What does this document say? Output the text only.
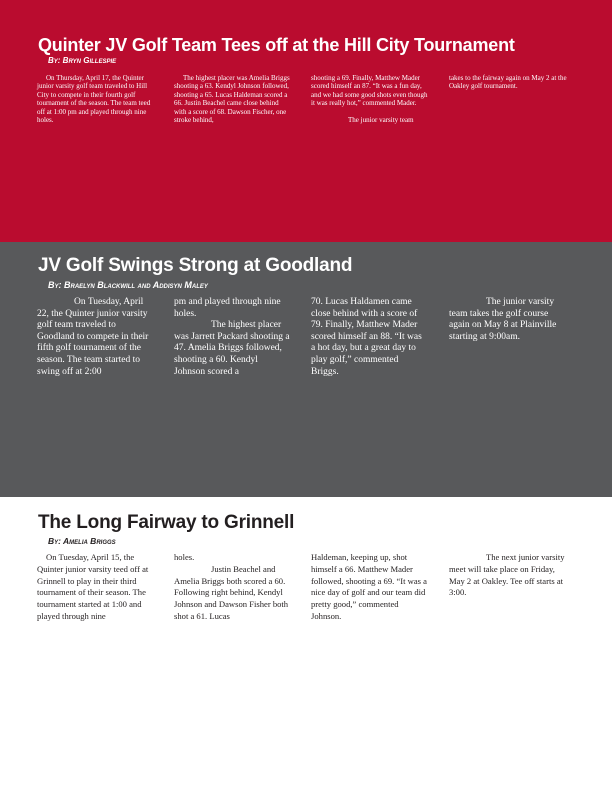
Quinter JV Golf Team Tees off at the Hill City Tournament

By: Bryn Gillespie

On Thursday, April 17, the Quinter junior varsity golf team traveled to Hill City to compete in their fourth golf tournament of the season. The team teed off at 1:00 pm and played through nine holes.

The highest placer was Amelia Briggs shooting a 63. Kendyl Johnson followed, shooting a 65. Lucas Haldeman scored a 66. Justin Beachel came close behind with a score of 68. Dawson Fischer, one stroke behind,

shooting a 69. Finally, Matthew Mader scored himself an 87. “It was a fun day, and we had some good shots even though it was really hot,” commented Mader.

The junior varsity team

takes to the fairway again on May 2 at the Oakley golf tournament.

JV Golf Swings Strong at Goodland

By: Braelyn Blackwill and Addisyn Maley

On Tuesday, April 22, the Quinter junior varsity golf team traveled to Goodland to compete in their fifth golf tournament of the season. The team started to swing off at 2:00

pm and played through nine holes.
The highest placer was Jarrett Packard shooting a 47. Amelia Briggs followed, shooting a 60. Kendyl Johnson scored a

70. Lucas Haldamen came close behind with a score of 79. Finally, Matthew Mader scored himself an 88. “It was a hot day, but a great day to play golf,” commented Briggs.

The junior varsity team takes the golf course again on May 8 at Plainville starting at 9:00am.

The Long Fairway to Grinnell

By: Amelia Briggs

On Tuesday, April 15, the Quinter junior varsity teed off at Grinnell to play in their third tournament of their season. The tournament started at 1:00 and played through nine

holes.
Justin Beachel and Amelia Briggs both scored a 60. Following right behind, Kendyl Johnson and Dawson Fisher both shot a 61. Lucas

Haldeman, keeping up, shot himself a 66. Matthew Mader followed, shooting a 69. “It was a nice day of golf and our team did pretty good,” commented Johnson.

The next junior varsity meet will take place on Friday, May 2 at Oakley. Tee off starts at 3:00.
